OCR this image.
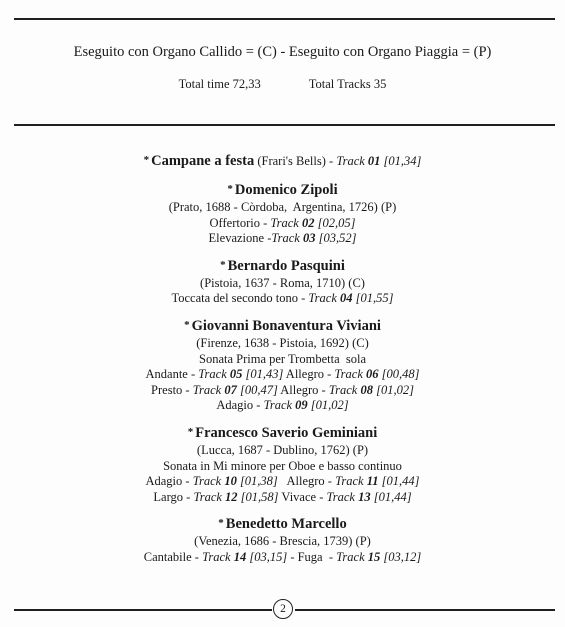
Eseguito con Organo Callido = (C) - Eseguito con Organo Piaggia = (P)
Total time 72,33	Total Tracks 35
* Campane a festa (Frari's Bells) - Track 01 [01,34]
* Domenico Zipoli
(Prato, 1688 - Còrdoba,  Argentina, 1726) (P)
Offertorio - Track 02 [02,05]
Elevazione -Track 03 [03,52]
* Bernardo Pasquini
(Pistoia, 1637 - Roma, 1710) (C)
Toccata del secondo tono - Track 04 [01,55]
* Giovanni Bonaventura Viviani
(Firenze, 1638 - Pistoia, 1692) (C)
Sonata Prima per Trombetta  sola
Andante - Track 05 [01,43] Allegro - Track 06 [00,48]
Presto - Track 07 [00,47] Allegro - Track 08 [01,02]
Adagio - Track 09 [01,02]
* Francesco Saverio Geminiani
(Lucca, 1687 - Dublino, 1762) (P)
Sonata in Mi minore per Oboe e basso continuo
Adagio - Track 10 [01,38]   Allegro - Track 11 [01,44]
Largo - Track 12 [01,58] Vivace - Track 13 [01,44]
* Benedetto Marcello
(Venezia, 1686 - Brescia, 1739) (P)
Cantabile - Track 14 [03,15] - Fuga  - Track 15 [03,12]
2
